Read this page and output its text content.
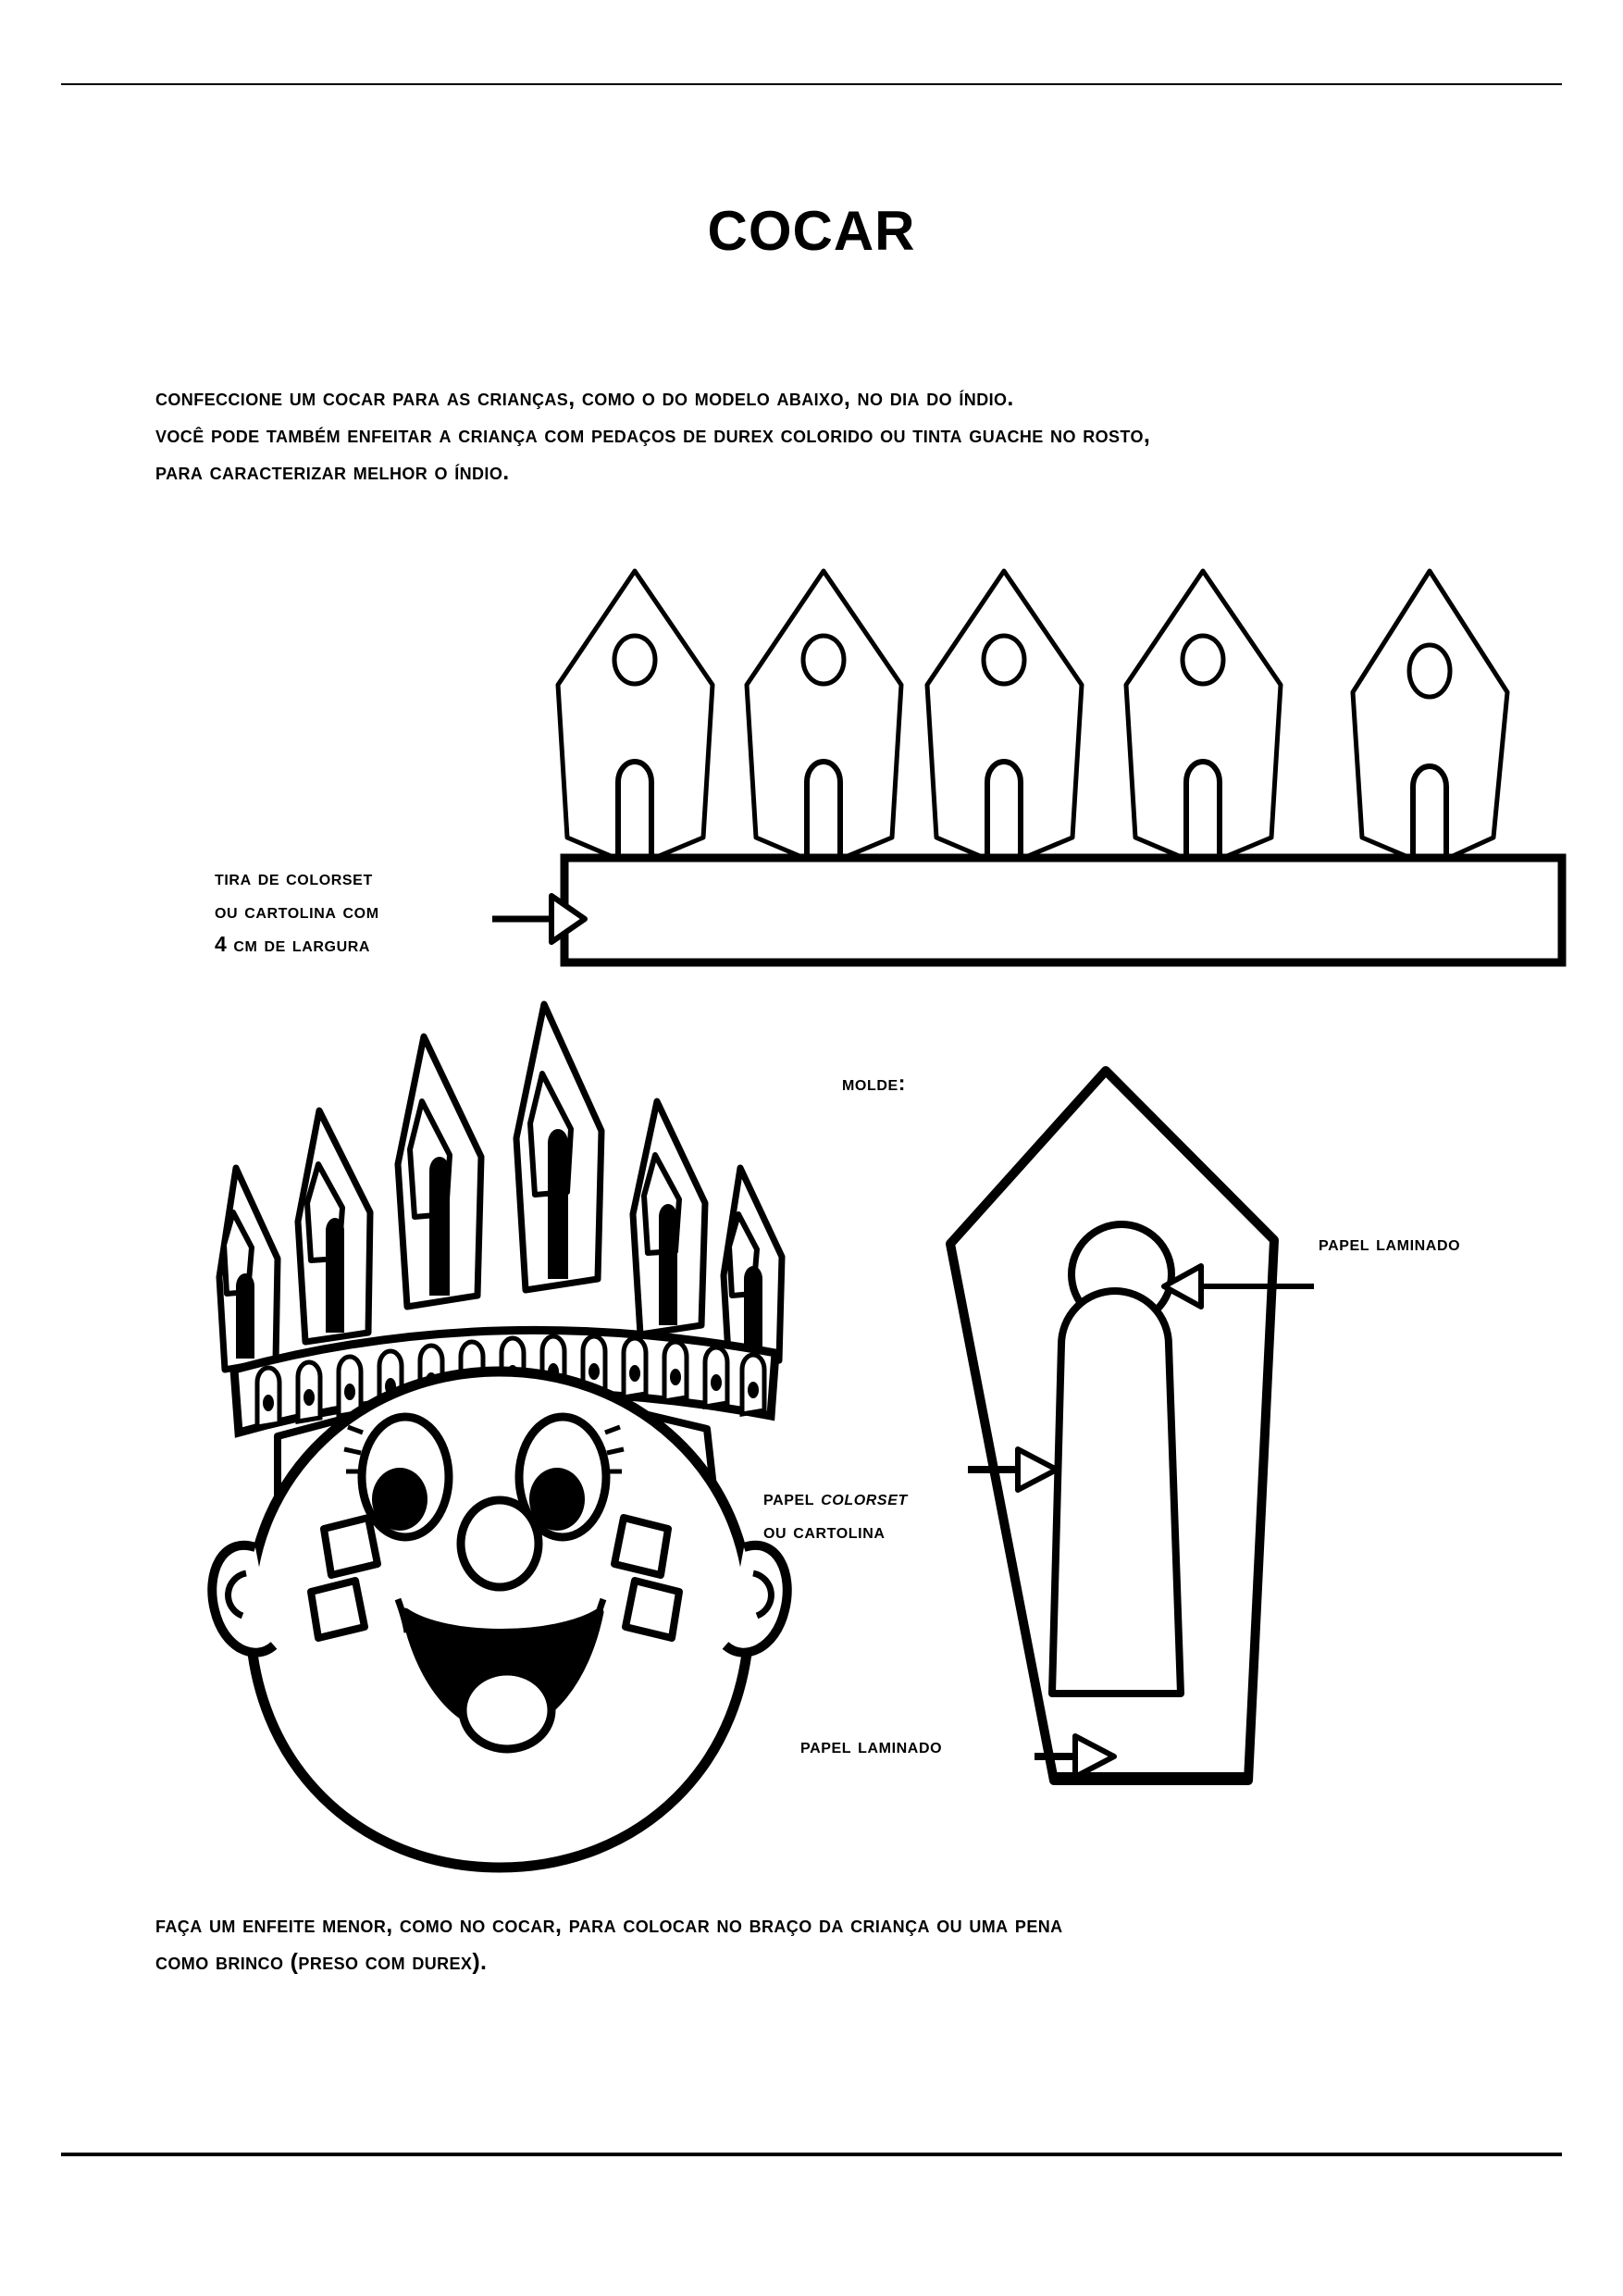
COCAR
confeccione um cocar para as crianças, como o do modelo abaixo, no dia do índio.
você pode também enfeitar a criança com pedaços de durex colorido ou tinta guache no rosto,
para caracterizar melhor o índio.
tira de colorset
ou cartolina com
4 cm de largura
molde:
papel laminado
papel colorset
ou cartolina
papel laminado
faça um enfeite menor, como no cocar, para colocar no braço da criança ou uma pena
como brinco (preso com durex).
